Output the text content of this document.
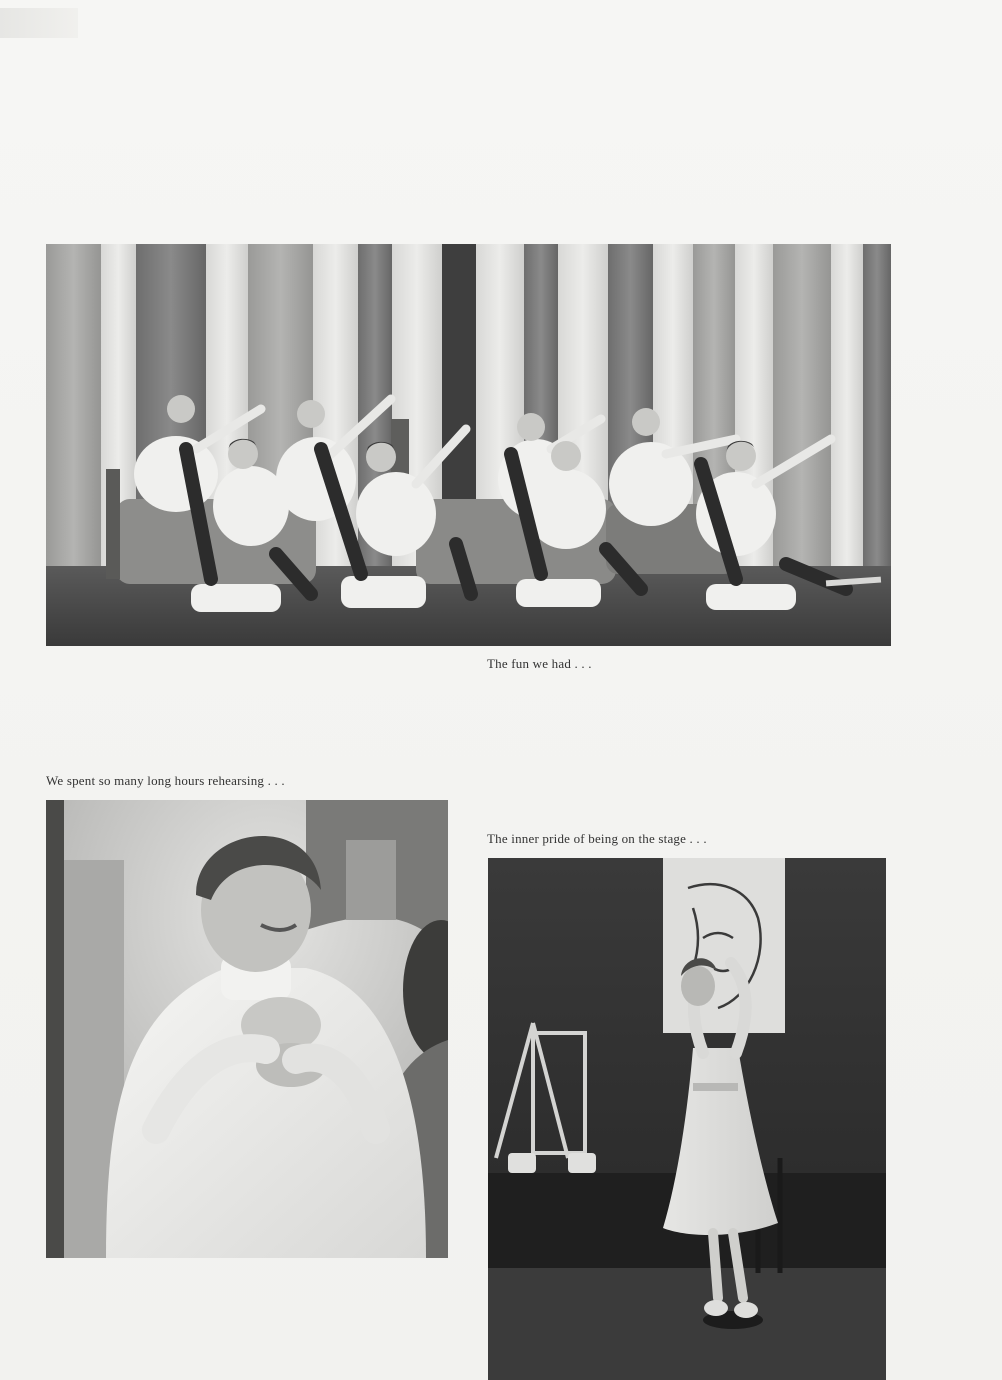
The fun we had . . .
We spent so many long hours rehearsing . . .
The inner pride of being on the stage . . .
